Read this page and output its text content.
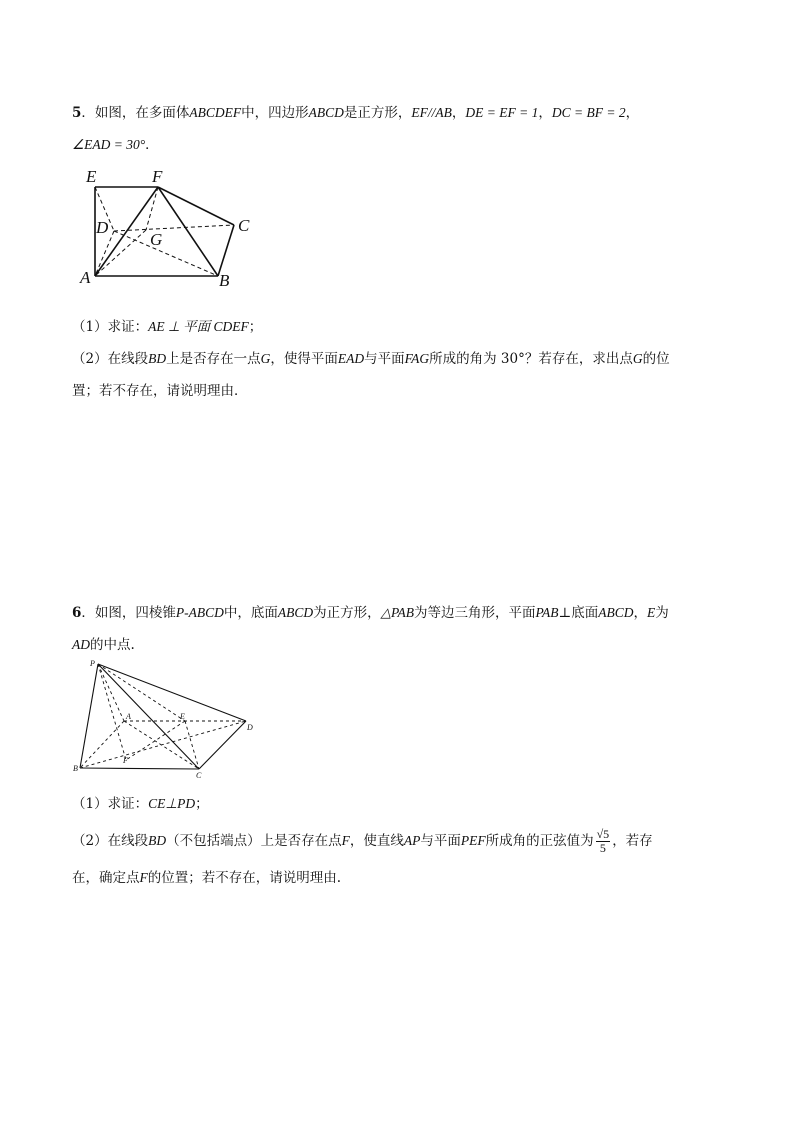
5．如图，在多面体ABCDEF中，四边形ABCD是正方形，EF//AB，DE = EF = 1，DC = BF = 2，
∠EAD = 30°．
E	F
D
G
C
A	B
（1）求证：AE ⊥ 平面 CDEF；
（2）在线段BD上是否存在一点G，使得平面EAD与平面FAG所成的角为 30°？若存在，求出点G的位
置；若不存在，请说明理由．
6．如图，四棱锥P-ABCD中，底面ABCD为正方形，△PAB为等边三角形，平面PAB⊥底面ABCD，E为
AD的中点.
P
A	E
D
F
B
C
（1）求证：CE⊥PD；
（2）在线段BD（不包括端点）上是否存在点F，使直线AP与平面PEF所成角的正弦值为 $\frac{√5}{5}$ ，若存
在，确定点F的位置；若不存在，请说明理由.
